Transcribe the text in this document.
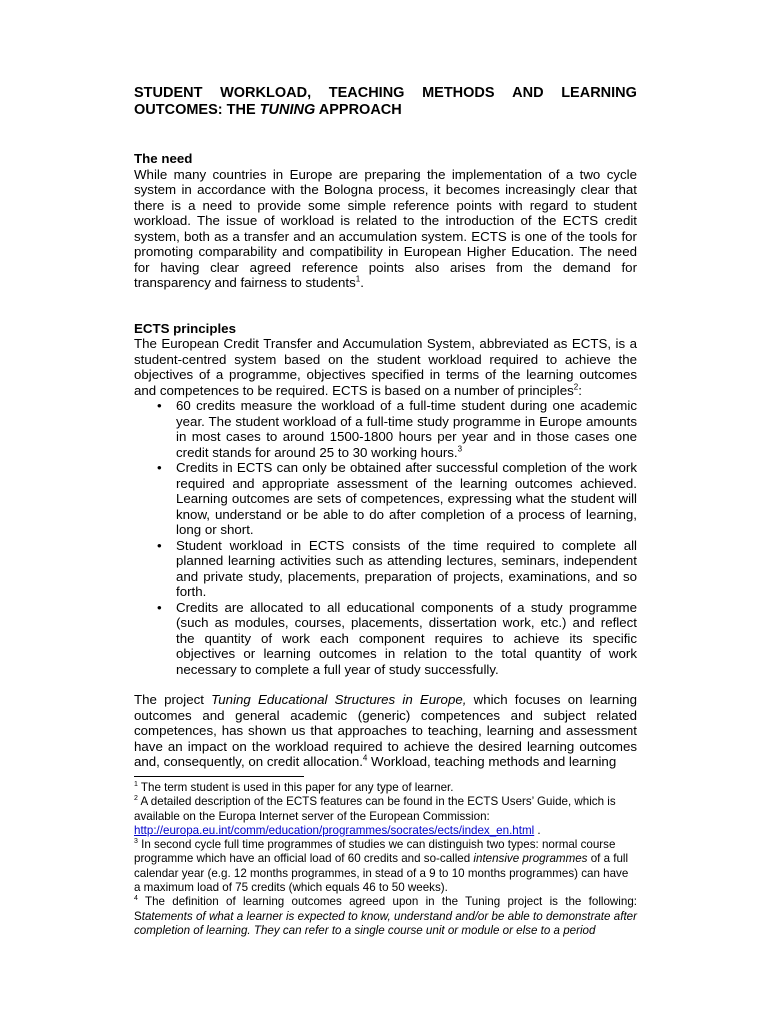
STUDENT WORKLOAD, TEACHING METHODS AND LEARNING
OUTCOMES: THE TUNING APPROACH
The need

While many countries in Europe are preparing the implementation of a two cycle system in accordance with the Bologna process, it becomes increasingly clear that there is a need to provide some simple reference points with regard to student workload. The issue of workload is related to the introduction of the ECTS credit system, both as a transfer and an accumulation system. ECTS is one of the tools for promoting comparability and compatibility in European Higher Education. The need for having clear agreed reference points also arises from the demand for transparency and fairness to students$^1$.

ECTS principles

The European Credit Transfer and Accumulation System, abbreviated as ECTS, is a student-centred system based on the student workload required to achieve the objectives of a programme, objectives specified in terms of the learning outcomes and competences to be required. ECTS is based on a number of principles$^2$:

• 60 credits measure the workload of a full-time student during one academic year. The student workload of a full-time study programme in Europe amounts in most cases to around 1500-1800 hours per year and in those cases one credit stands for around 25 to 30 working hours.$^3$
• Credits in ECTS can only be obtained after successful completion of the work required and appropriate assessment of the learning outcomes achieved. Learning outcomes are sets of competences, expressing what the student will know, understand or be able to do after completion of a process of learning, long or short.
• Student workload in ECTS consists of the time required to complete all planned learning activities such as attending lectures, seminars, independent and private study, placements, preparation of projects, examinations, and so forth.
• Credits are allocated to all educational components of a study programme (such as modules, courses, placements, dissertation work, etc.) and reflect the quantity of work each component requires to achieve its specific objectives or learning outcomes in relation to the total quantity of work necessary to complete a full year of study successfully.

The project Tuning Educational Structures in Europe, which focuses on learning outcomes and general academic (generic) competences and subject related competences, has shown us that approaches to teaching, learning and assessment have an impact on the workload required to achieve the desired learning outcomes and, consequently, on credit allocation.$^4$ Workload, teaching methods and learning

$^1$ The term student is used in this paper for any type of learner.

$^2$ A detailed description of the ECTS features can be found in the ECTS Users’ Guide, which is available on the Europa Internet server of the European Commission:
http://europa.eu.int/comm/education/programmes/socrates/ects/index_en.html .

$^3$ In second cycle full time programmes of studies we can distinguish two types: normal course programme which have an official load of 60 credits and so-called intensive programmes of a full calendar year (e.g. 12 months programmes, in stead of a 9 to 10 months programmes) can have a maximum load of 75 credits (which equals 46 to 50 weeks).

$^4$ The definition of learning outcomes agreed upon in the Tuning project is the following: Statements of what a learner is expected to know, understand and/or be able to demonstrate after completion of learning. They can refer to a single course unit or module or else to a period
